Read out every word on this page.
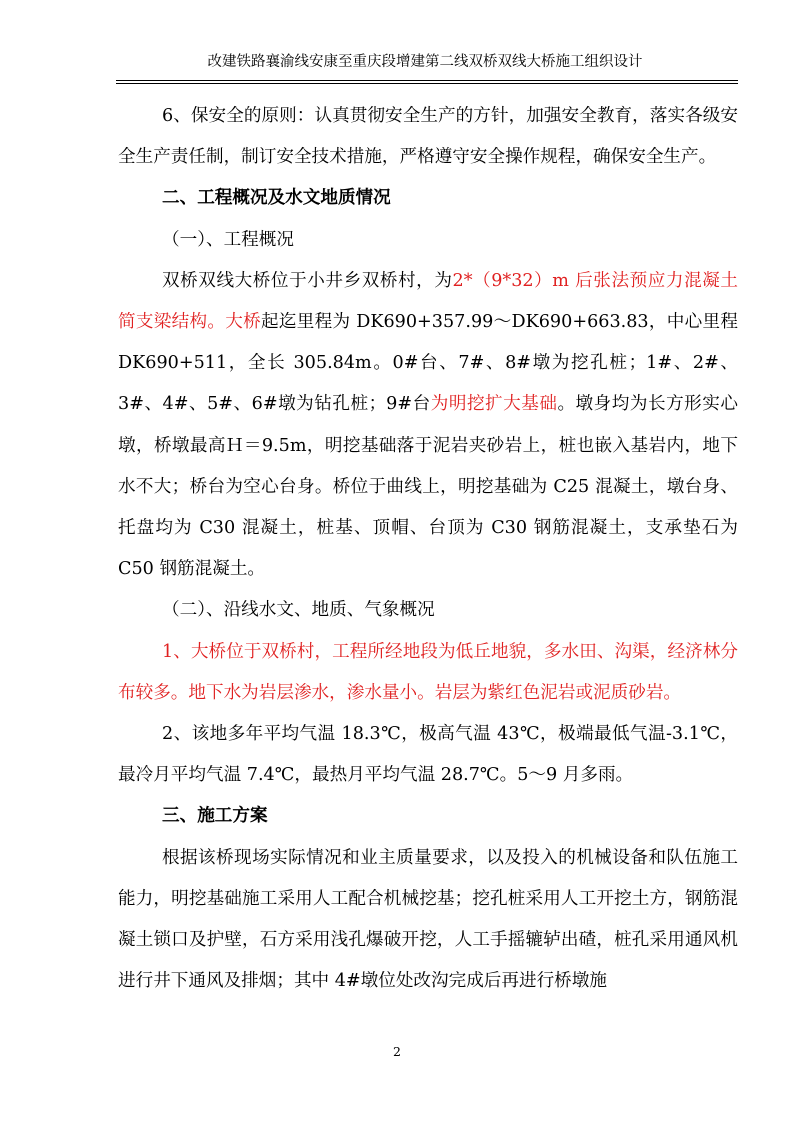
改建铁路襄渝线安康至重庆段增建第二线双桥双线大桥施工组织设计

6、保安全的原则：认真贯彻安全生产的方针，加强安全教育，落实各级安全生产责任制，制订安全技术措施，严格遵守安全操作规程，确保安全生产。

二、工程概况及水文地质情况

（一）、工程概况

双桥双线大桥位于小井乡双桥村，为2*（9*32）m 后张法预应力混凝土简支梁结构。大桥起迄里程为 DK690+357.99～DK690+663.83，中心里程 DK690+511，全长 305.84m。0#台、7#、8#墩为挖孔桩；1#、2#、3#、4#、5#、6#墩为钻孔桩；9#台为明挖扩大基础。墩身均为长方形实心墩，桥墩最高Ｈ＝9.5m，明挖基础落于泥岩夹砂岩上，桩也嵌入基岩内，地下水不大；桥台为空心台身。桥位于曲线上，明挖基础为 C25 混凝土，墩台身、托盘均为 C30 混凝土，桩基、顶帽、台顶为 C30 钢筋混凝土，支承垫石为 C50 钢筋混凝土。

（二）、沿线水文、地质、气象概况

1、大桥位于双桥村，工程所经地段为低丘地貌，多水田、沟渠，经济林分布较多。地下水为岩层渗水，渗水量小。岩层为紫红色泥岩或泥质砂岩。

2、该地多年平均气温 18.3℃，极高气温 43℃，极端最低气温-3.1℃，最冷月平均气温 7.4℃，最热月平均气温 28.7℃。5～9 月多雨。

三、施工方案

根据该桥现场实际情况和业主质量要求，以及投入的机械设备和队伍施工能力，明挖基础施工采用人工配合机械挖基；挖孔桩采用人工开挖土方，钢筋混凝土锁口及护壁，石方采用浅孔爆破开挖，人工手摇辘轳出碴，桩孔采用通风机进行井下通风及排烟；其中 4#墩位处改沟完成后再进行桥墩施

2
